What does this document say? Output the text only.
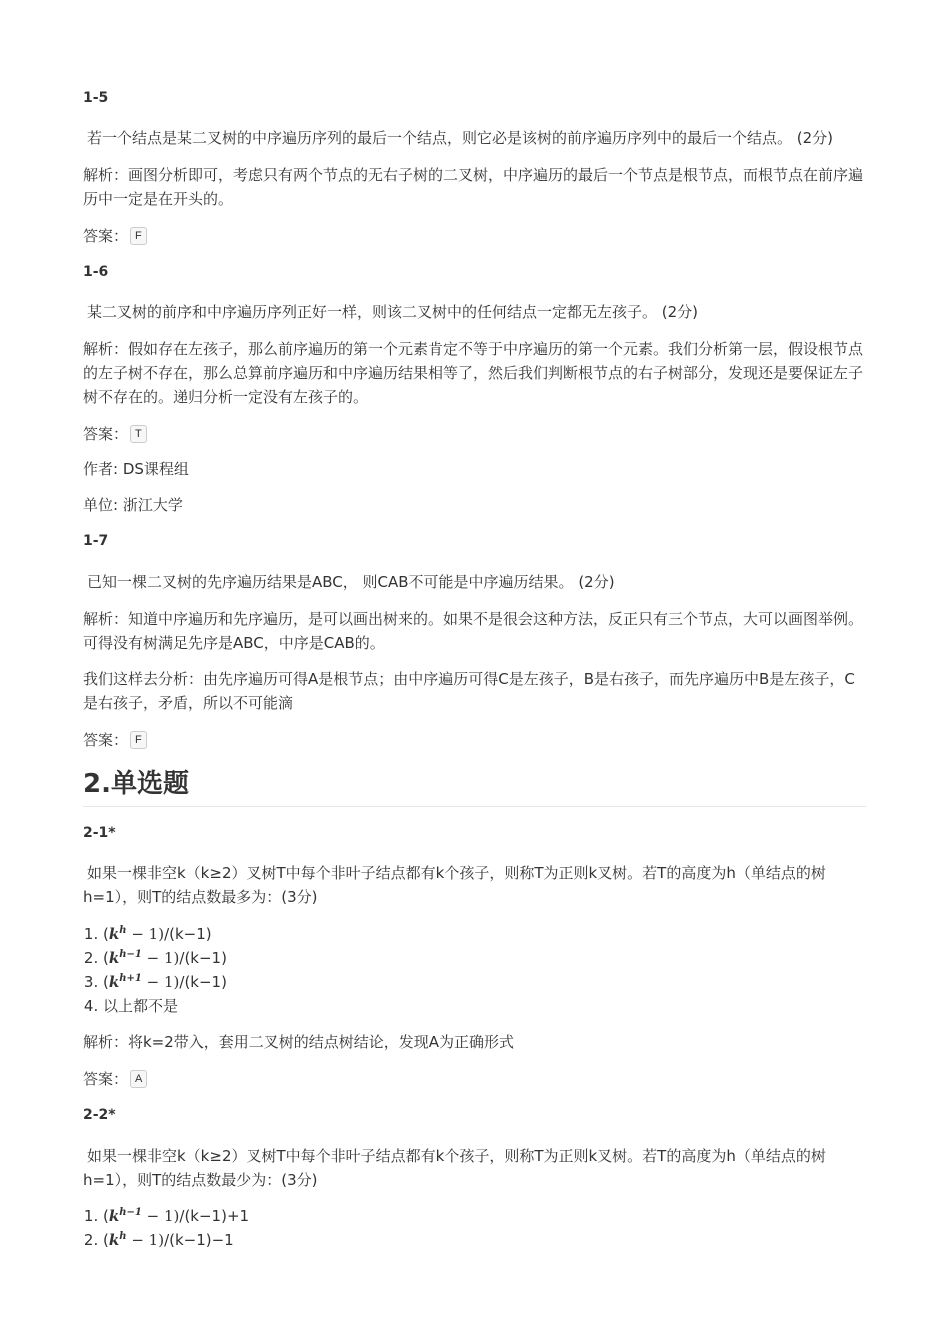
1-5
若一个结点是某二叉树的中序遍历序列的最后一个结点，则它必是该树的前序遍历序列中的最后一个结点。 (2分)
解析：画图分析即可，考虑只有两个节点的无右子树的二叉树，中序遍历的最后一个节点是根节点，而根节点在前序遍历中一定是在开头的。
答案： F
1-6
某二叉树的前序和中序遍历序列正好一样，则该二叉树中的任何结点一定都无左孩子。 (2分)
解析：假如存在左孩子，那么前序遍历的第一个元素肯定不等于中序遍历的第一个元素。我们分析第一层，假设根节点的左子树不存在，那么总算前序遍历和中序遍历结果相等了，然后我们判断根节点的右子树部分，发现还是要保证左子树不存在的。递归分析一定没有左孩子的。
答案： T
作者: DS课程组
单位: 浙江大学
1-7
已知一棵二叉树的先序遍历结果是ABC， 则CAB不可能是中序遍历结果。 (2分)
解析：知道中序遍历和先序遍历，是可以画出树来的。如果不是很会这种方法，反正只有三个节点，大可以画图举例。可得没有树满足先序是ABC，中序是CAB的。
我们这样去分析：由先序遍历可得A是根节点；由中序遍历可得C是左孩子，B是右孩子，而先序遍历中B是左孩子，C是右孩子，矛盾，所以不可能滴
答案： F
2.单选题
2-1*
如果一棵非空k（k≥2）叉树T中每个非叶子结点都有k个孩子，则称T为正则k叉树。若T的高度为h（单结点的树h=1），则T的结点数最多为：(3分)
1. $(k^h - 1)/(k-1)$
2. $(k^{h-1} - 1)/(k-1)$
3. $(k^{h+1} - 1)/(k-1)$
4. 以上都不是
解析：将k=2带入，套用二叉树的结点树结论，发现A为正确形式
答案： A
2-2*
如果一棵非空k（k≥2）叉树T中每个非叶子结点都有k个孩子，则称T为正则k叉树。若T的高度为h（单结点的树h=1），则T的结点数最少为：(3分)
1. $(k^{h-1} - 1)/(k-1)+1$
2. $(k^h - 1)/(k-1)-1$
